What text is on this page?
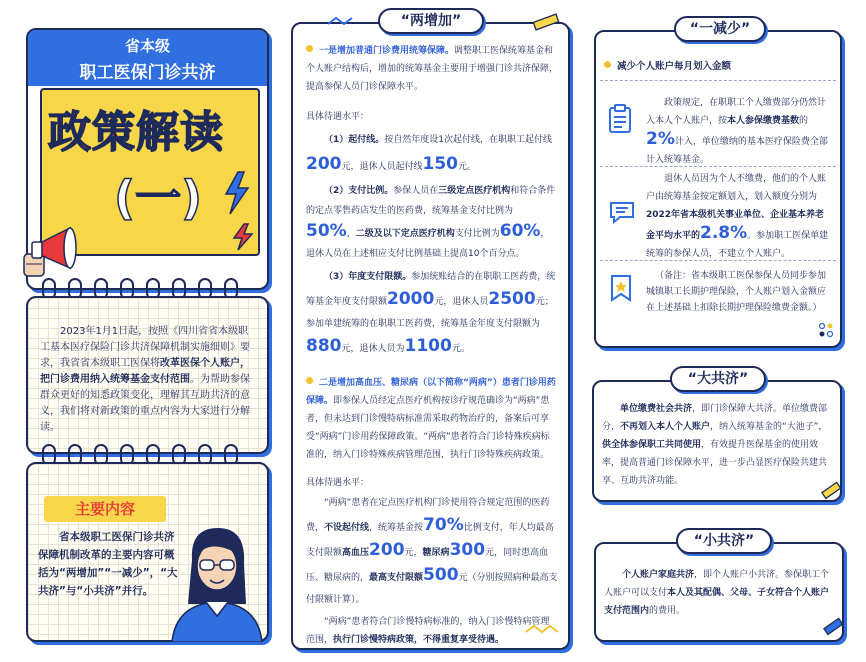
省本级
职工医保门诊共济
政策解读
(一)
2023年1月1日起，按照《四川省省本级职工基本医疗保险门诊共济保障机制实施细则》要求，我省省本级职工医保将改革医保个人账户，把门诊费用纳入统筹基金支付范围。为帮助参保群众更好的知悉政策变化，理解其互助共济的意义，我们将对新政策的重点内容为大家进行分解读。
主要内容
省本级职工医保门诊共济保障机制改革的主要内容可概括为“两增加”“一减少”，“大共济”与“小共济”并行。
“两增加”
一是增加普通门诊费用统筹保障。调整职工医保统筹基金和个人账户结构后，增加的统筹基金主要用于增强门诊共济保障，提高参保人员门诊保障水平。
具体待遇水平：
（1）起付线。按自然年度设1次起付线，在职职工起付线200元，退休人员起付线150元。
（2）支付比例。参保人员在三级定点医疗机构和符合条件的定点零售药店发生的医药费，统筹基金支付比例为50%，二级及以下定点医疗机构支付比例为60%，退休人员在上述相应支付比例基础上提高10个百分点。
（3）年度支付限额。参加统账结合的在职职工医药费，统筹基金年度支付限额2000元，退休人员2500元；参加单建统筹的在职职工医药费，统筹基金年度支付限额为880元，退休人员为1100元。
二是增加高血压、糖尿病（以下简称“两病”）患者门诊用药保障。即参保人员经定点医疗机构按诊疗规范确诊为“两病”患者，但未达到门诊慢特病标准需采取药物治疗的，备案后可享受“两病”门诊用药保障政策。“两病”患者符合门诊特殊疾病标准的，纳入门诊特殊疾病管理范围，执行门诊特殊疾病政策。
具体待遇水平：
“两病”患者在定点医疗机构门诊使用符合规定范围的医药费，不设起付线，统筹基金按70%比例支付，年人均最高支付限额高血压200元，糖尿病300元，同时患高血压、糖尿病的，最高支付限额500元（分别按照病种最高支付限额计算）。
“两病”患者符合门诊慢特病标准的，纳入门诊慢特病管理范围，执行门诊慢特病政策，不得重复享受待遇。
“一减少”
减少个人账户每月划入金额
政策规定，在职职工个人缴费部分仍然计入本人个人账户，按本人参保缴费基数的2%计入，单位缴纳的基本医疗保险费全部计入统筹基金。
退休人员因为个人不缴费，他们的个人账户由统筹基金按定额划入，划入额度分别为2022年省本级机关事业单位、企业基本养老金平均水平的2.8%。参加职工医保单建统筹的参保人员，不建立个人账户。
（备注：省本级职工医保参保人员同步参加城镇职工长期护理保险，个人账户划入金额应在上述基础上扣除长期护理保险缴费金额。）
“大共济”
单位缴费社会共济，即门诊保障大共济。单位缴费部分，不再划入本人个人账户，纳入统筹基金的“大池子”，供全体参保职工共同使用，有效提升医保基金的使用效率，提高普通门诊保障水平，进一步凸显医疗保险共建共享、互助共济功能。
“小共济”
个人账户家庭共济，即个人账户小共济。参保职工个人账户可以支付本人及其配偶、父母、子女符合个人账户支付范围内的费用。
